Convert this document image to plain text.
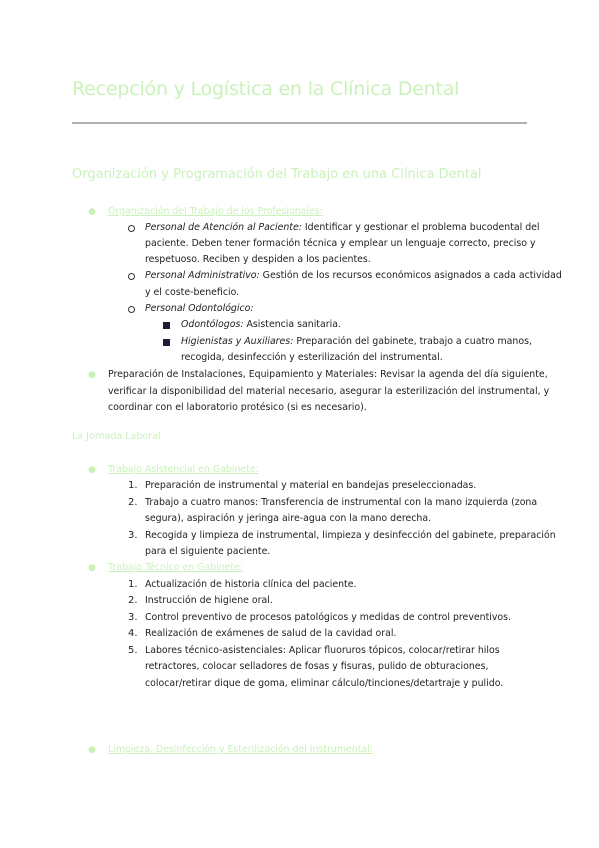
Recepción y Logística en la Clínica Dental
Organización y Programación del Trabajo en una Clínica Dental
● Organización del Trabajo de los Profesionales:
Personal de Atención al Paciente: Identificar y gestionar el problema bucodental del
paciente. Deben tener formación técnica y emplear un lenguaje correcto, preciso y
respetuoso. Reciben y despiden a los pacientes.
Personal Administrativo: Gestión de los recursos económicos asignados a cada actividad
y el coste-beneficio.
Personal Odontológico:
Odontólogos: Asistencia sanitaria.
Higienistas y Auxiliares: Preparación del gabinete, trabajo a cuatro manos,
recogida, desinfección y esterilización del instrumental.
● Preparación de Instalaciones, Equipamiento y Materiales: Revisar la agenda del día siguiente,
verificar la disponibilidad del material necesario, asegurar la esterilización del instrumental, y
coordinar con el laboratorio protésico (si es necesario).
La Jornada Laboral
● Trabajo Asistencial en Gabinete:
1. Preparación de instrumental y material en bandejas preseleccionadas.
2. Trabajo a cuatro manos: Transferencia de instrumental con la mano izquierda (zona
segura), aspiración y jeringa aire-agua con la mano derecha.
3. Recogida y limpieza de instrumental, limpieza y desinfección del gabinete, preparación
para el siguiente paciente.
● Trabajo Técnico en Gabinete:
1. Actualización de historia clínica del paciente.
2. Instrucción de higiene oral.
3. Control preventivo de procesos patológicos y medidas de control preventivos.
4. Realización de exámenes de salud de la cavidad oral.
5. Labores técnico-asistenciales: Aplicar fluoruros tópicos, colocar/retirar hilos
retractores, colocar selladores de fosas y fisuras, pulido de obturaciones,
colocar/retirar dique de goma, eliminar cálculo/tinciones/detartraje y pulido.
● Limpieza, Desinfección y Esterilización del Instrumental:
